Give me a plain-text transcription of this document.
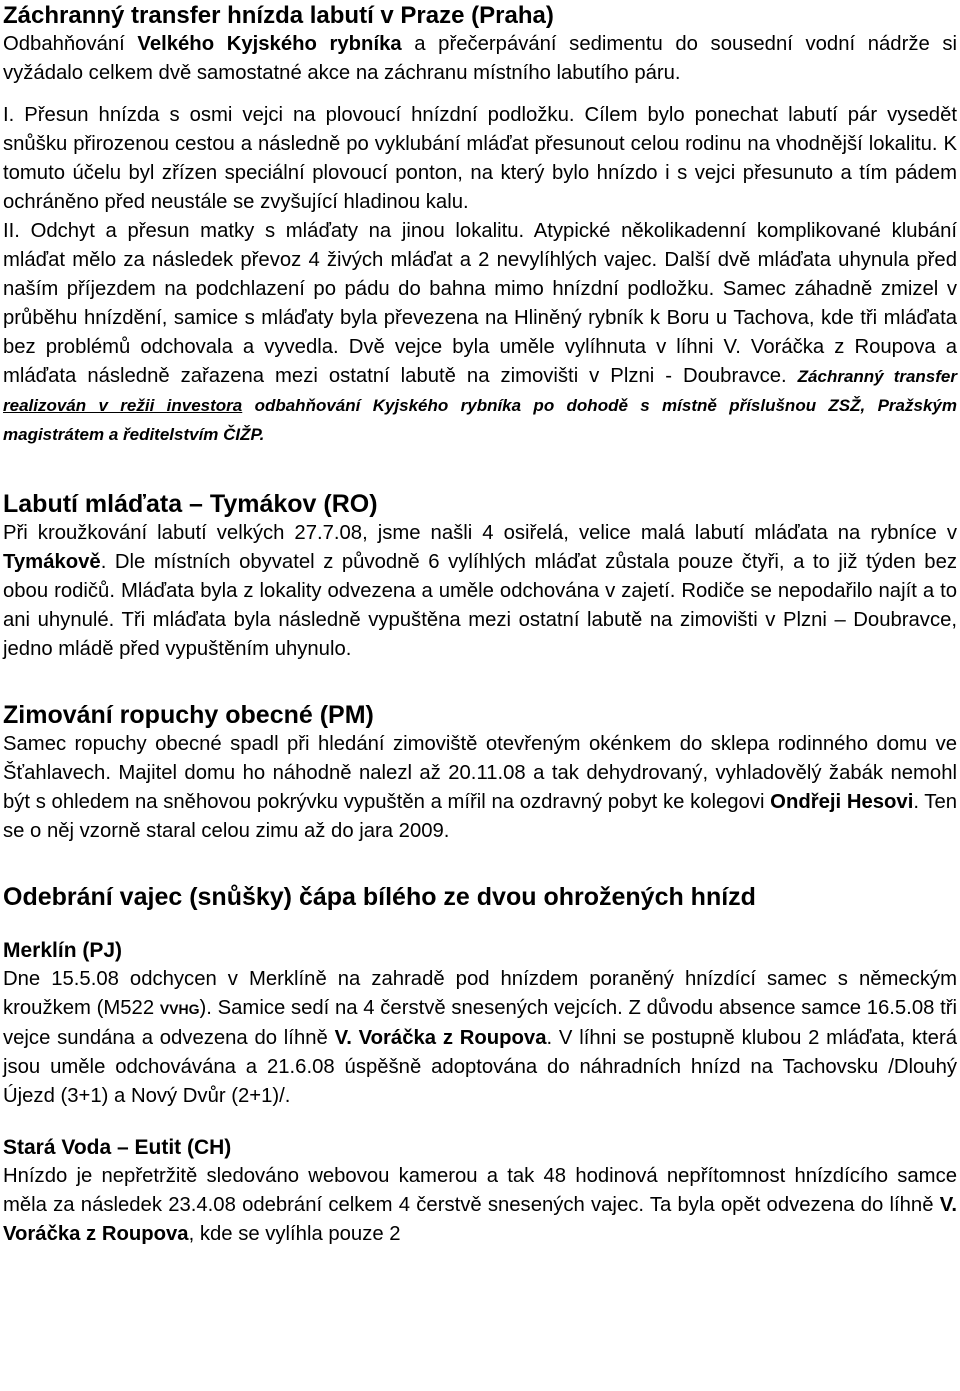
Záchranný transfer hnízda labutí v Praze (Praha)

Odbahňování Velkého Kyjského rybníka a přečerpávání sedimentu do sousední vodní nádrže si vyžádalo celkem dvě samostatné akce na záchranu místního labutího páru.

I. Přesun hnízda s osmi vejci na plovoucí hnízdní podložku. Cílem bylo ponechat labutí pár vysedět snůšku přirozenou cestou a následně po vyklubání mláďat přesunout celou rodinu na vhodnější lokalitu. K tomuto účelu byl zřízen speciální plovoucí ponton, na který bylo hnízdo i s vejci přesunuto a tím pádem ochráněno před neustále se zvyšující hladinou kalu.

II. Odchyt a přesun matky s mláďaty na jinou lokalitu. Atypické několikadenní komplikované klubání mláďat mělo za následek převoz 4 živých mláďat a 2 nevylíhlých vajec. Další dvě mláďata uhynula před naším příjezdem na podchlazení po pádu do bahna mimo hnízdní podložku. Samec záhadně zmizel v průběhu hnízdění, samice s mláďaty byla převezena na Hliněný rybník k Boru u Tachova, kde tři mláďata bez problémů odchovala a vyvedla. Dvě vejce byla uměle vylíhnuta v líhni V. Voráčka z Roupova a mláďata následně zařazena mezi ostatní labutě na zimovišti v Plzni - Doubravce. Záchranný transfer realizován v režii investora odbahňování Kyjského rybníka po dohodě s místně příslušnou ZSŽ, Pražským magistrátem a ředitelstvím ČIŽP.

Labutí mláďata – Tymákov (RO)

Při kroužkování labutí velkých 27.7.08, jsme našli 4 osiřelá, velice malá labutí mláďata na rybníce v Tymákově. Dle místních obyvatel z původně 6 vylíhlých mláďat zůstala pouze čtyři, a to již týden bez obou rodičů. Mláďata byla z lokality odvezena a uměle odchována v zajetí. Rodiče se nepodařilo najít a to ani uhynulé. Tři mláďata byla následně vypuštěna mezi ostatní labutě na zimovišti v Plzni – Doubravce, jedno mládě před vypuštěním uhynulo.

Zimování ropuchy obecné (PM)

Samec ropuchy obecné spadl při hledání zimoviště otevřeným okénkem do sklepa rodinného domu ve Šťahlavech. Majitel domu ho náhodně nalezl až 20.11.08 a tak dehydrovaný, vyhladovělý žabák nemohl být s ohledem na sněhovou pokrývku vypuštěn a mířil na ozdravný pobyt ke kolegovi Ondřeji Hesovi. Ten se o něj vzorně staral celou zimu až do jara 2009.

Odebrání vajec (snůšky) čápa bílého ze dvou ohrožených hnízd
Merklín (PJ)

Dne 15.5.08 odchycen v Merklíně na zahradě pod hnízdem poraněný hnízdící samec s německým kroužkem (M522 VVHG). Samice sedí na 4 čerstvě snesených vejcích. Z důvodu absence samce 16.5.08 tři vejce sundána a odvezena do líhně V. Voráčka z Roupova. V líhni se postupně klubou 2 mláďata, která jsou uměle odchovávána a 21.6.08 úspěšně adoptována do náhradních hnízd na Tachovsku /Dlouhý Újezd (3+1) a Nový Dvůr (2+1)/.

Stará Voda – Eutit (CH)

Hnízdo je nepřetržitě sledováno webovou kamerou a tak 48 hodinová nepřítomnost hnízdícího samce měla za následek 23.4.08 odebrání celkem 4 čerstvě snesených vajec. Ta byla opět odvezena do líhně V. Voráčka z Roupova, kde se vylíhla pouze 2
